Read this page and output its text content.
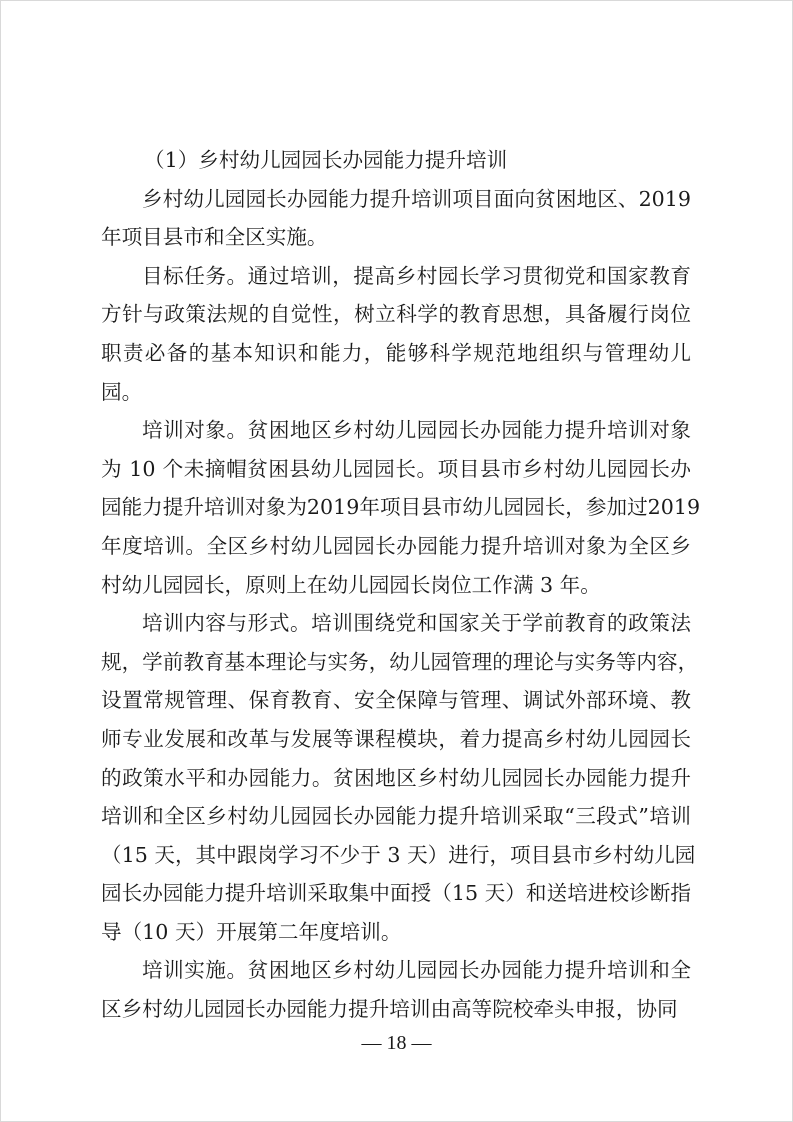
（1）乡村幼儿园园长办园能力提升培训
乡村幼儿园园长办园能力提升培训项目面向贫困地区、2019
年项目县市和全区实施。
目标任务。通过培训，提高乡村园长学习贯彻党和国家教育
方针与政策法规的自觉性，树立科学的教育思想，具备履行岗位
职责必备的基本知识和能力，能够科学规范地组织与管理幼儿
园。
培训对象。贫困地区乡村幼儿园园长办园能力提升培训对象
为 10 个未摘帽贫困县幼儿园园长。项目县市乡村幼儿园园长办
园能力提升培训对象为2019年项目县市幼儿园园长，参加过2019
年度培训。全区乡村幼儿园园长办园能力提升培训对象为全区乡
村幼儿园园长，原则上在幼儿园园长岗位工作满 3 年。
培训内容与形式。培训围绕党和国家关于学前教育的政策法
规，学前教育基本理论与实务，幼儿园管理的理论与实务等内容，
设置常规管理、保育教育、安全保障与管理、调试外部环境、教
师专业发展和改革与发展等课程模块，着力提高乡村幼儿园园长
的政策水平和办园能力。贫困地区乡村幼儿园园长办园能力提升
培训和全区乡村幼儿园园长办园能力提升培训采取“三段式”培训
（15 天，其中跟岗学习不少于 3 天）进行，项目县市乡村幼儿园
园长办园能力提升培训采取集中面授（15 天）和送培进校诊断指
导（10 天）开展第二年度培训。
培训实施。贫困地区乡村幼儿园园长办园能力提升培训和全
区乡村幼儿园园长办园能力提升培训由高等院校牵头申报，协同
— 18 —
